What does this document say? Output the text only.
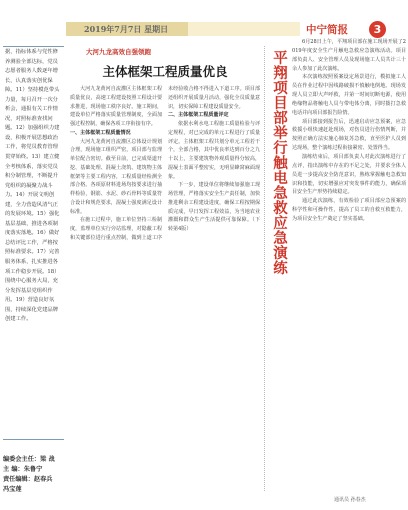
2019年7月7日 星期日	中宁简报	3
据，指标体系与党性修养测验全部达标，党员志愿者服务人数逐年增长，认真落实创优保障。11）坚持模范带头力量，每月召开一次分析会，通报有关工作情况，对照标准查找问题。12）加强组织力建设，积极开展思想政治工作，将党员教育管理贯穿始终。13）建立健全考核体系，落实党员积分制管理，不断提升党组织的凝聚力战斗力。14）开展文明创建，全力营造风清气正的发展环境。15）强化基层基础，推进各项制度落实落地。16）做好总结评比工作，严格按照标准要求。17）完善服务体系，扎实推进各项工作稳步开展。18）围绕中心服务大局，充分发挥基层党组织作用。19）营造良好氛围，持续深化党建品牌创建工作。
编委会主任：梁 战
主 编：朱鲁宁
责任编辑：赵春兵
冯宝莲
大河九龙高效自强领跑
主体框架工程质量优良

大河九龙黄河自流灌区主体框架工程质量优良，高速工程建设按照工程设计要求推进，现场施工秩序良好。施工期间，建设单位严格落实质量管理制度，全面加强过程控制，确保各项工序衔接有序。

一、主体框架工程质量情况

大河九龙黄河自流灌区总体设计规划合理，现场施工组织严密，项目部与监理单位配合密切。截至目前，已完成渠道开挖、基础处理、混凝土浇筑、建筑物主体框架等主要工程内容，工程质量经检测全部合格。各项原材料进场均按要求进行抽样检验，钢筋、水泥、砂石骨料等质量符合设计和规范要求，混凝土强度满足设计标准。

在施工过程中，施工单位坚持三检制度，监理单位实行旁站监理，对隐蔽工程和关键部位进行重点控制，做到上道工序未经验收合格不得进入下道工序。项目部还组织开展质量月活动，强化全员质量意识，切实保障工程建设质量安全。

二、主体框架工程质量评定

依据水利水电工程施工质量检验与评定规程，对已完成的单元工程进行了质量评定。主体框架工程共划分单元工程若干个，全部合格，其中优良率达到百分之九十以上，主要建筑物外观质量得分较高，混凝土表面平整密实，无明显蜂窝麻面现象。

下一步，建设单位将继续加强施工现场管理，严格落实安全生产责任制，加快推进剩余工程建设进度，确保工程按期保质完成，早日发挥工程效益，为当地农业灌溉和群众生产生活提供可靠保障。（下转第4版）	平翔项目部举行触电急救应急演练

6月28日上午，平翔项目部在施工现场开展了2019年度安全生产月触电急救应急演练活动。项目部负责人、安全管理人员及现场施工人员共计三十余人参加了此次演练。

本次演练按照预案设定场景进行，模拟施工人员在作业过程中因线路破损不慎触电倒地。现场发现人员立即大声呼救，并第一时间切断电源，使用绝缘物品将触电人员与带电体分离，同时拨打急救电话并向项目部报告险情。

项目部接到报告后，迅速启动应急预案，应急救援小组快速赶赴现场，对伤员进行伤情判断，并按照正确方法实施心肺复苏急救，直至医护人员到达现场，整个演练过程衔接紧密、处置得当。

演练结束后，项目部负责人对此次演练进行了点评，指出演练中存在的不足之处，并要求全体人员进一步提高安全防范意识，熟练掌握触电急救知识和技能，切实增强应对突发事件的能力，确保项目安全生产形势持续稳定。

通过此次演练，有效检验了项目部应急预案的科学性和可操作性，提高了员工的自救互救能力，为项目安全生产奠定了坚实基础。

通讯员 孙春杰
